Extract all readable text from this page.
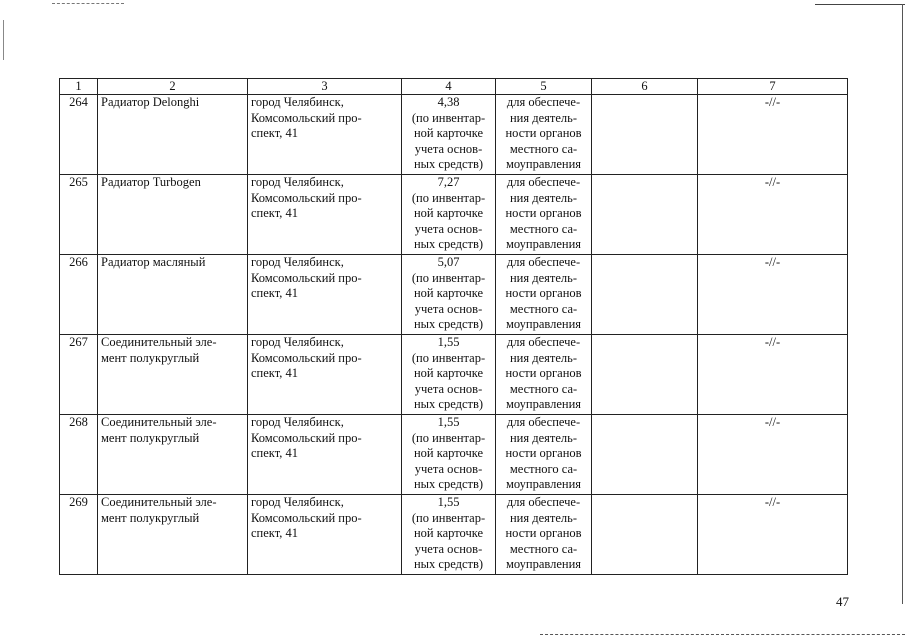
1	2	3	4	5	6	7
264	Радиатор Delonghi	город Челябинск,
Комсомольский про-
спект, 41	4,38
(по инвентар-
ной карточке
учета основ-
ных средств)	для обеспече-
ния деятель-
ности органов
местного са-
моуправления		-//-
265	Радиатор Turbogen	город Челябинск,
Комсомольский про-
спект, 41	7,27
(по инвентар-
ной карточке
учета основ-
ных средств)	для обеспече-
ния деятель-
ности органов
местного са-
моуправления		-//-
266	Радиатор масляный	город Челябинск,
Комсомольский про-
спект, 41	5,07
(по инвентар-
ной карточке
учета основ-
ных средств)	для обеспече-
ния деятель-
ности органов
местного са-
моуправления		-//-
267	Соединительный эле-
мент полукруглый	город Челябинск,
Комсомольский про-
спект, 41	1,55
(по инвентар-
ной карточке
учета основ-
ных средств)	для обеспече-
ния деятель-
ности органов
местного са-
моуправления		-//-
268	Соединительный эле-
мент полукруглый	город Челябинск,
Комсомольский про-
спект, 41	1,55
(по инвентар-
ной карточке
учета основ-
ных средств)	для обеспече-
ния деятель-
ности органов
местного са-
моуправления		-//-
269	Соединительный эле-
мент полукруглый	город Челябинск,
Комсомольский про-
спект, 41	1,55
(по инвентар-
ной карточке
учета основ-
ных средств)	для обеспече-
ния деятель-
ности органов
местного са-
моуправления		-//-
47
